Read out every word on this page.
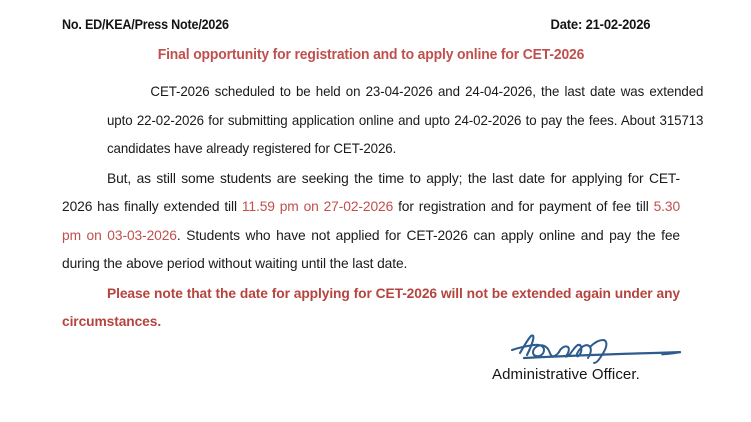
No. ED/KEA/Press Note/2026	Date: 21-02-2026
Final opportunity for registration and to apply online for CET-2026

CET-2026 scheduled to be held on 23-04-2026 and 24-04-2026, the last date was extended upto 22-02-2026 for submitting application online and upto 24-02-2026 to pay the fees. About 315713 candidates have already registered for CET-2026.

But, as still some students are seeking the time to apply; the last date for applying for CET-2026 has finally extended till 11.59 pm on 27-02-2026 for registration and for payment of fee till 5.30 pm on 03-03-2026. Students who have not applied for CET-2026 can apply online and pay the fee during the above period without waiting until the last date.

Please note that the date for applying for CET-2026 will not be extended again under any circumstances.

Administrative Officer.
